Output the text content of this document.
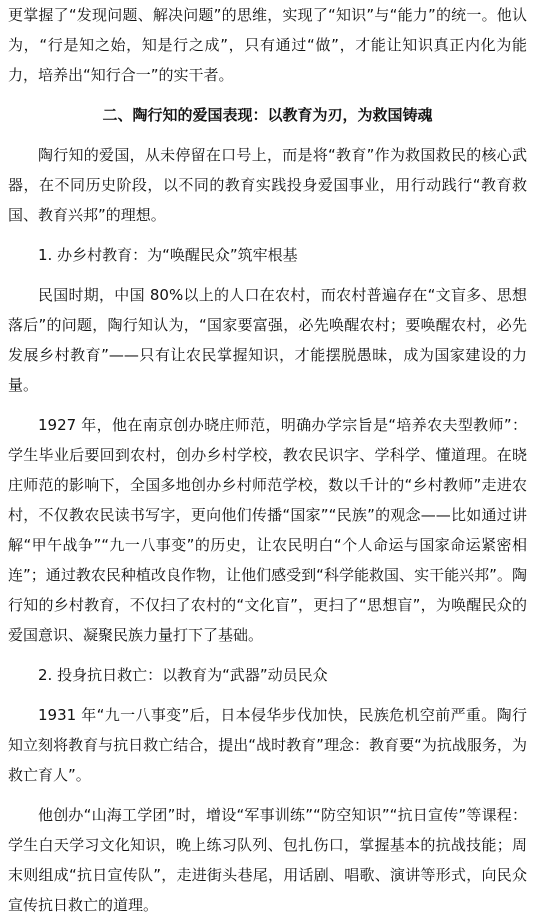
更掌握了“发现问题、解决问题”的思维，实现了“知识”与“能力”的统一。他认为，“行是知之始，知是行之成”，只有通过“做”，才能让知识真正内化为能力，培养出“知行合一”的实干者。

二、陶行知的爱国表现：以教育为刃，为救国铸魂

陶行知的爱国，从未停留在口号上，而是将“教育”作为救国救民的核心武器，在不同历史阶段，以不同的教育实践投身爱国事业，用行动践行“教育救国、教育兴邦”的理想。

1. 办乡村教育：为“唤醒民众”筑牢根基

民国时期，中国 80%以上的人口在农村，而农村普遍存在“文盲多、思想落后”的问题，陶行知认为，“国家要富强，必先唤醒农村；要唤醒农村，必先发展乡村教育”——只有让农民掌握知识，才能摆脱愚昧，成为国家建设的力量。

1927 年，他在南京创办晓庄师范，明确办学宗旨是“培养农夫型教师”：学生毕业后要回到农村，创办乡村学校，教农民识字、学科学、懂道理。在晓庄师范的影响下，全国多地创办乡村师范学校，数以千计的“乡村教师”走进农村，不仅教农民读书写字，更向他们传播“国家”“民族”的观念——比如通过讲解“甲午战争”“九一八事变”的历史，让农民明白“个人命运与国家命运紧密相连”；通过教农民种植改良作物，让他们感受到“科学能救国、实干能兴邦”。陶行知的乡村教育，不仅扫了农村的“文化盲”，更扫了“思想盲”，为唤醒民众的爱国意识、凝聚民族力量打下了基础。

2. 投身抗日救亡：以教育为“武器”动员民众

1931 年“九一八事变”后，日本侵华步伐加快，民族危机空前严重。陶行知立刻将教育与抗日救亡结合，提出“战时教育”理念：教育要“为抗战服务，为救亡育人”。

他创办“山海工学团”时，增设“军事训练”“防空知识”“抗日宣传”等课程：学生白天学习文化知识，晚上练习队列、包扎伤口，掌握基本的抗战技能；周末则组成“抗日宣传队”，走进街头巷尾，用话剧、唱歌、演讲等形式，向民众宣传抗日救亡的道理。
